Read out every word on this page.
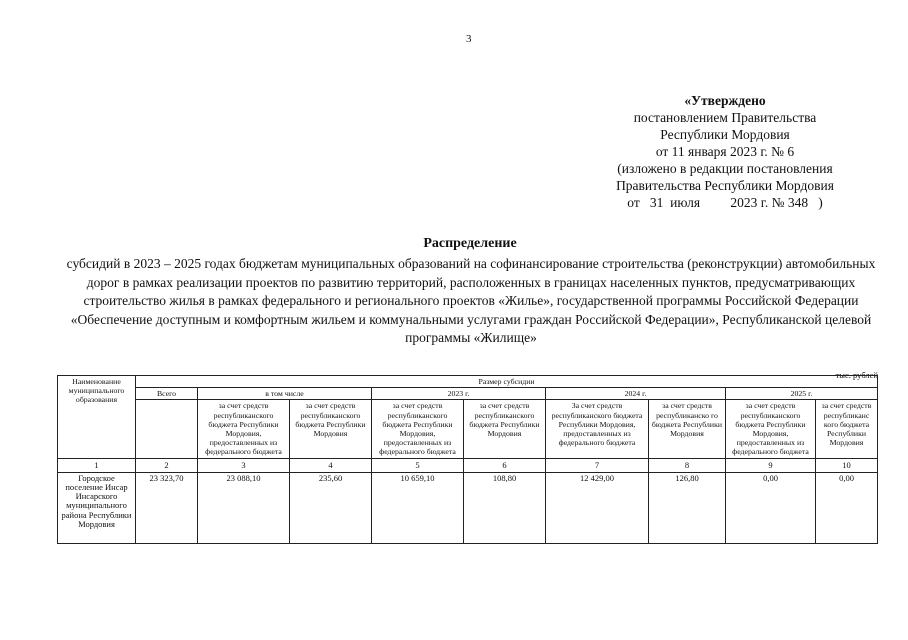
3
«Утверждено
постановлением Правительства
Республики Мордовия
от 11 января 2023 г. № 6
(изложено в редакции постановления
Правительства Республики Мордовия
от   31  июля         2023 г. № 348   )
Распределение
субсидий в 2023 – 2025 годах бюджетам муниципальных образований на софинансирование строительства (реконструкции) автомобильных дорог в рамках реализации проектов по развитию территорий, расположенных в границах населенных пунктов, предусматривающих строительство жилья в рамках федерального и регионального проектов «Жилье», государственной программы Российской Федерации «Обеспечение доступным и комфортным жильем и коммунальными услугами граждан Российской Федерации», Республиканской целевой программы «Жилище»
тыс. рублей
Наименование муниципального образования	Размер субсидии								
	Всего	в том числе		2023 г.		2024 г.		2025 г.	
		за счет средств республиканского бюджета Республики Мордовия, предоставленных из федерального бюджета	за счет средств республиканского бюджета Республики Мордовия	за счет средств республиканского бюджета Республики Мордовия, предоставленных из федерального бюджета	за счет средств республиканского бюджета Республики Мордовия	За счет средств республиканского бюджета Республики Мордовия, предоставленных из федерального бюджета	за счет средств республиканско го бюджета Республики Мордовия	за счет средств республиканского бюджета Республики Мордовия, предоставленных из федерального бюджета	за счет средств республиканс кого бюджета Республики Мордовия
1	2	3	4	5	6	7	8	9	10
Городское поселение Инсар Инсарского муниципального района Республики Мордовия	23 323,70	23 088,10	235,60	10 659,10	108,80	12 429,00	126,80	0,00	0,00
